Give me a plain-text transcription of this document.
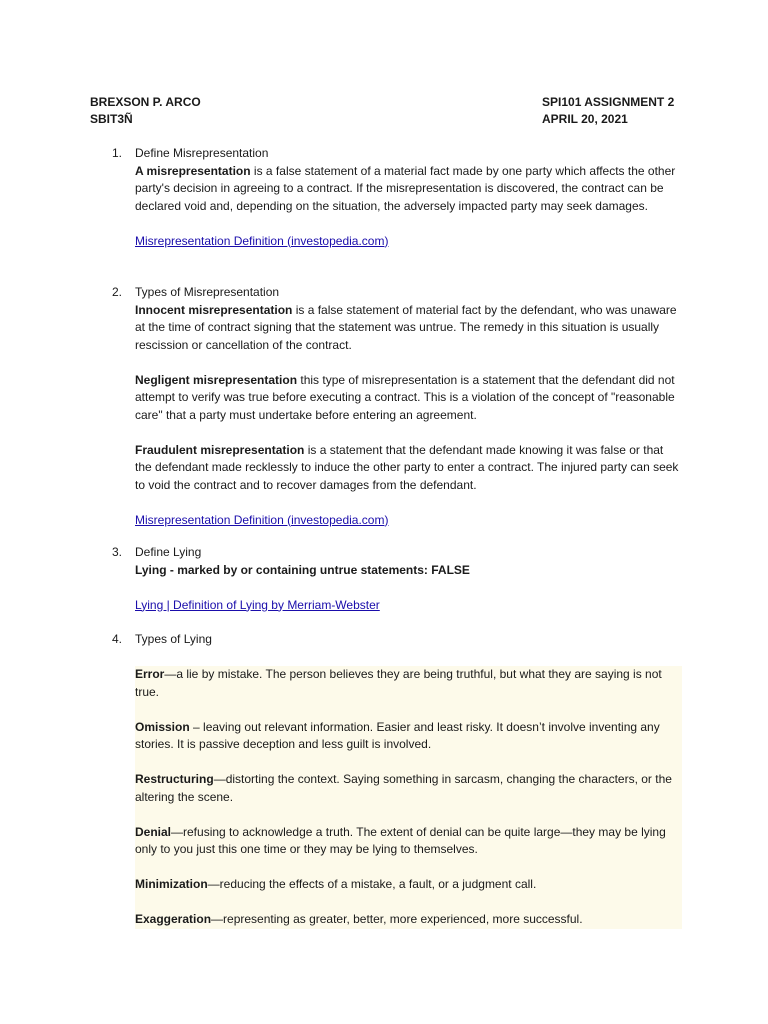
BREXSON P. ARCO
SBIT3Ñ
SPI101 ASSIGNMENT 2
APRIL 20, 2021
1.	Define Misrepresentation

A misrepresentation is a false statement of a material fact made by one party which affects the other party's decision in agreeing to a contract. If the misrepresentation is discovered, the contract can be declared void and, depending on the situation, the adversely impacted party may seek damages.

Misrepresentation Definition (investopedia.com)

2.	Types of Misrepresentation

Innocent misrepresentation is a false statement of material fact by the defendant, who was unaware at the time of contract signing that the statement was untrue. The remedy in this situation is usually rescission or cancellation of the contract.

Negligent misrepresentation this type of misrepresentation is a statement that the defendant did not attempt to verify was true before executing a contract. This is a violation of the concept of "reasonable care" that a party must undertake before entering an agreement.

Fraudulent misrepresentation is a statement that the defendant made knowing it was false or that the defendant made recklessly to induce the other party to enter a contract. The injured party can seek to void the contract and to recover damages from the defendant.

Misrepresentation Definition (investopedia.com)

3.	Define Lying

Lying - marked by or containing untrue statements: FALSE

Lying | Definition of Lying by Merriam-Webster

4.	Types of Lying

Error—a lie by mistake. The person believes they are being truthful, but what they are saying is not true.

Omission – leaving out relevant information. Easier and least risky. It doesn’t involve inventing any stories. It is passive deception and less guilt is involved.

Restructuring—distorting the context. Saying something in sarcasm, changing the characters, or the altering the scene.

Denial—refusing to acknowledge a truth. The extent of denial can be quite large—they may be lying only to you just this one time or they may be lying to themselves.

Minimization—reducing the effects of a mistake, a fault, or a judgment call.

Exaggeration—representing as greater, better, more experienced, more successful.
